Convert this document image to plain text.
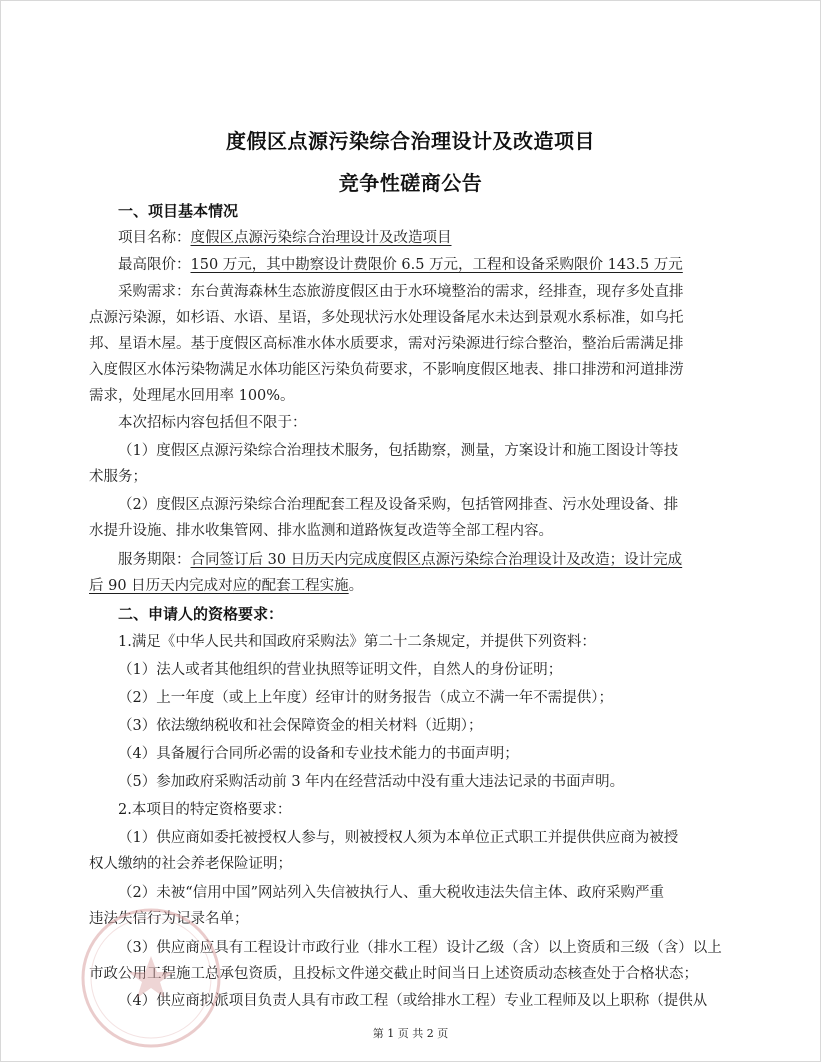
度假区点源污染综合治理设计及改造项目
竞争性磋商公告
一、项目基本情况
项目名称：度假区点源污染综合治理设计及改造项目
最高限价：150 万元，其中勘察设计费限价 6.5 万元，工程和设备采购限价 143.5 万元
采购需求：东台黄海森林生态旅游度假区由于水环境整治的需求，经排查，现存多处直排
点源污染源，如杉语、水语、星语，多处现状污水处理设备尾水未达到景观水系标准，如乌托
邦、星语木屋。基于度假区高标准水体水质要求，需对污染源进行综合整治，整治后需满足排
入度假区水体污染物满足水体功能区污染负荷要求，不影响度假区地表、排口排涝和河道排涝
需求，处理尾水回用率 100%。
本次招标内容包括但不限于：
（1）度假区点源污染综合治理技术服务，包括勘察，测量，方案设计和施工图设计等技
术服务；
（2）度假区点源污染综合治理配套工程及设备采购，包括管网排查、污水处理设备、排
水提升设施、排水收集管网、排水监测和道路恢复改造等全部工程内容。
服务期限：合同签订后 30 日历天内完成度假区点源污染综合治理设计及改造；设计完成
后 90 日历天内完成对应的配套工程实施。
二、申请人的资格要求：
1.满足《中华人民共和国政府采购法》第二十二条规定，并提供下列资料：
（1）法人或者其他组织的营业执照等证明文件，自然人的身份证明；
（2）上一年度（或上上年度）经审计的财务报告（成立不满一年不需提供）；
（3）依法缴纳税收和社会保障资金的相关材料（近期）；
（4）具备履行合同所必需的设备和专业技术能力的书面声明；
（5）参加政府采购活动前 3 年内在经营活动中没有重大违法记录的书面声明。
2.本项目的特定资格要求：
（1）供应商如委托被授权人参与，则被授权人须为本单位正式职工并提供供应商为被授
权人缴纳的社会养老保险证明；
（2）未被“信用中国”网站列入失信被执行人、重大税收违法失信主体、政府采购严重
违法失信行为记录名单；
（3）供应商应具有工程设计市政行业（排水工程）设计乙级（含）以上资质和三级（含）以上
市政公用工程施工总承包资质，且投标文件递交截止时间当日上述资质动态核查处于合格状态；
（4）供应商拟派项目负责人具有市政工程（或给排水工程）专业工程师及以上职称（提供从
第 1 页 共 2 页
